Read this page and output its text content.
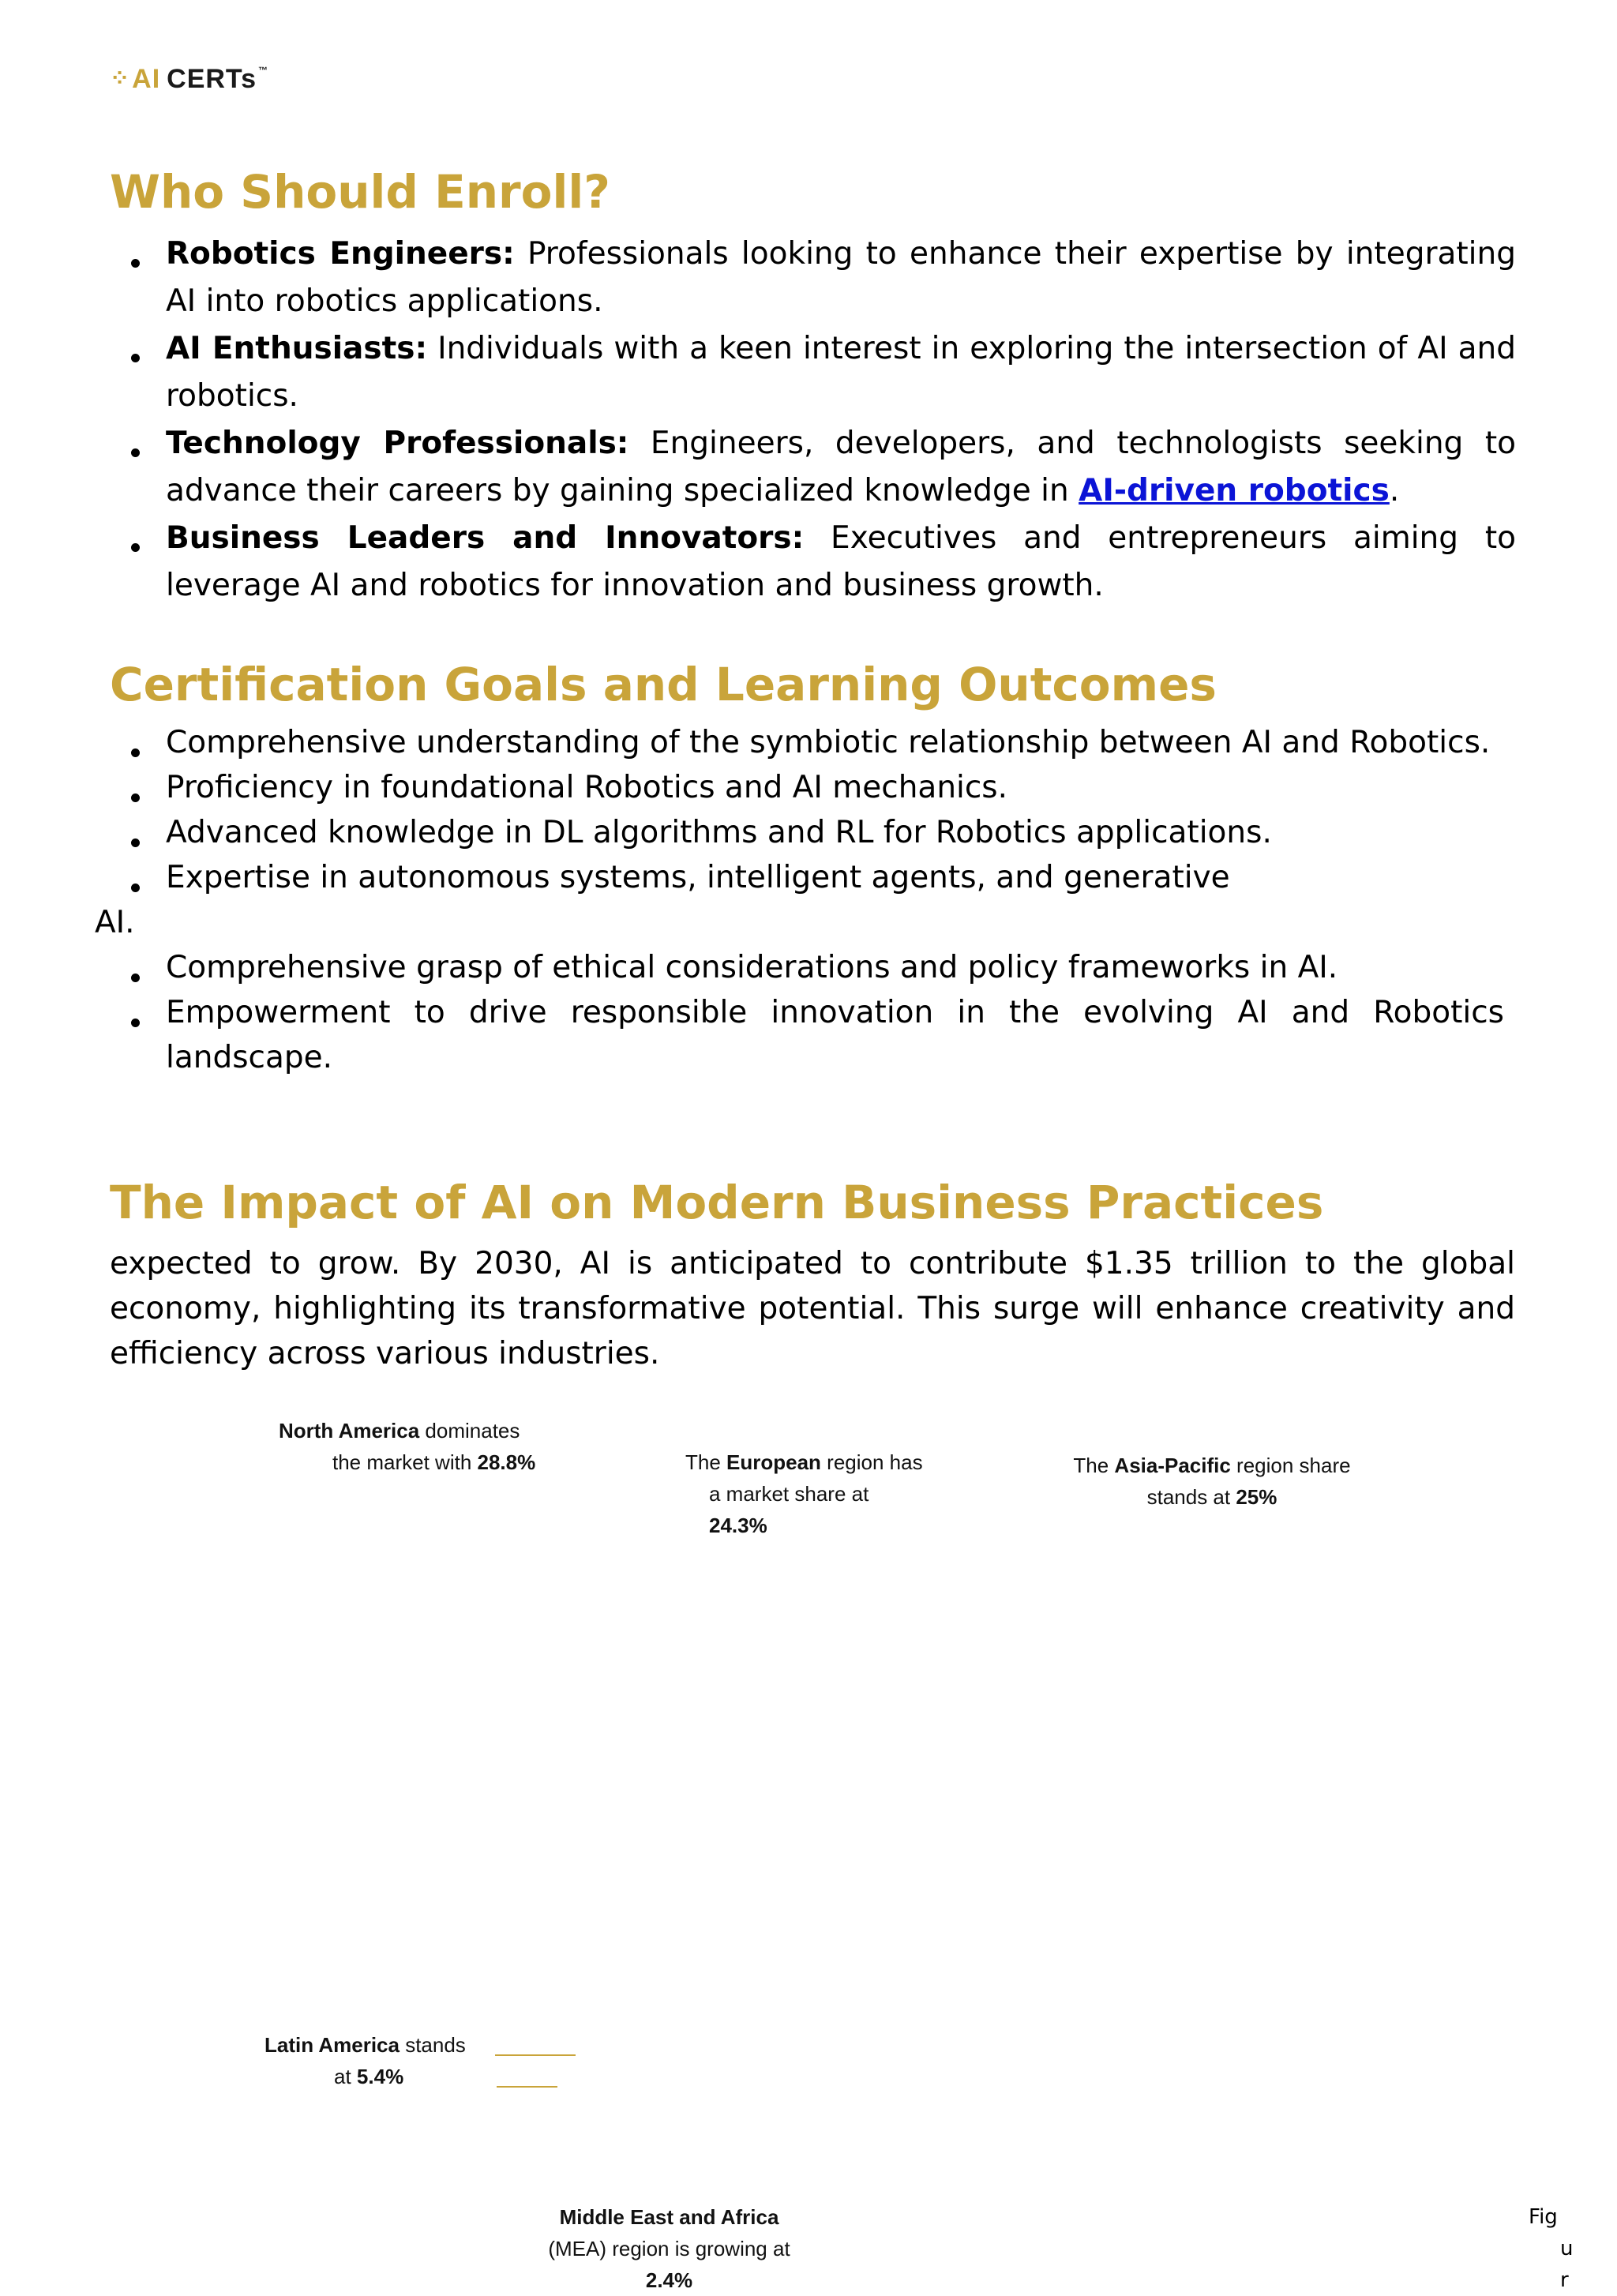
⁘ AI CERTs ™
Who Should Enroll?
Robotics Engineers: Professionals looking to enhance their expertise by integrating AI into robotics applications.
AI Enthusiasts: Individuals with a keen interest in exploring the intersection of AI and robotics.
Technology Professionals: Engineers, developers, and technologists seeking to advance their careers by gaining specialized knowledge in AI-driven robotics.
Business Leaders and Innovators: Executives and entrepreneurs aiming to leverage AI and robotics for innovation and business growth.
Certification Goals and Learning Outcomes
Comprehensive understanding of the symbiotic relationship between AI and Robotics.
Proficiency in foundational Robotics and AI mechanics.
Advanced knowledge in DL algorithms and RL for Robotics applications.
Expertise in autonomous systems, intelligent agents, and generative
AI.
Comprehensive grasp of ethical considerations and policy frameworks in AI.
Empowerment to drive responsible innovation in the evolving AI and Robotics landscape.
The Impact of AI on Modern Business Practices

expected to grow. By 2030, AI is anticipated to contribute $1.35 trillion to the global economy, highlighting its transformative potential. This surge will enhance creativity and efficiency across various industries.

North America dominates
the market with 28.8%	The European region has
a market share at
24.3%
The Asia-Pacific region share
stands at 25%
Latin America stands
at 5.4%
Middle East and Africa
(MEA) region is growing at
2.4%
Fig
u
r
